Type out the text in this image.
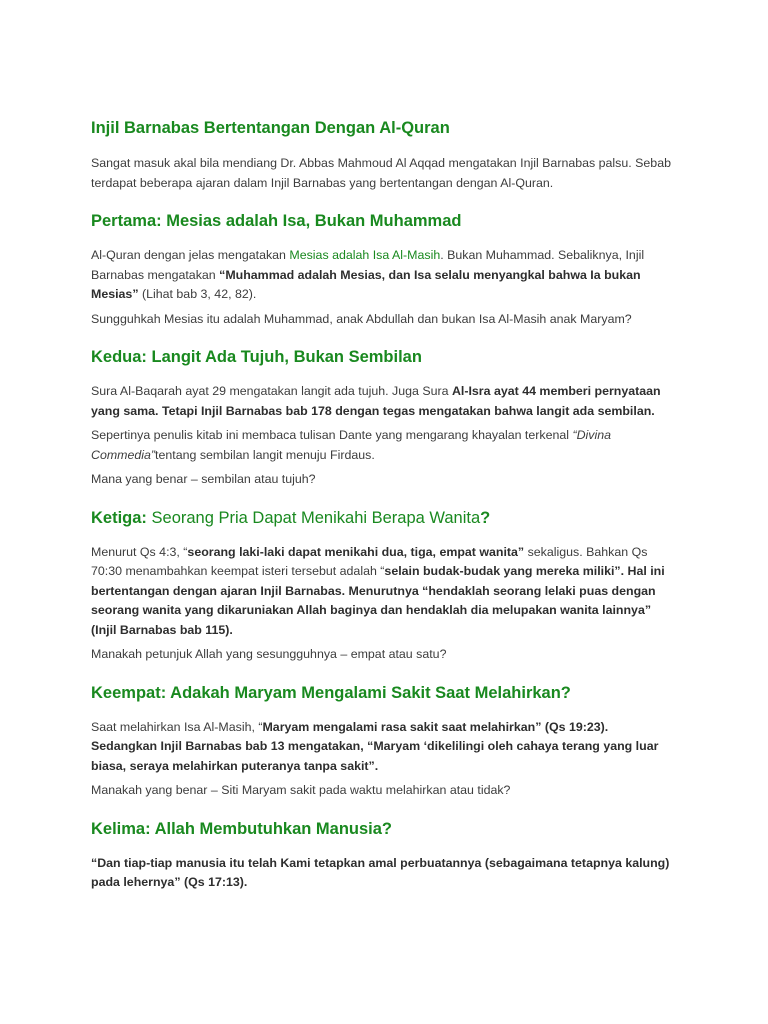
Injil Barnabas Bertentangan Dengan Al-Quran

Sangat masuk akal bila mendiang Dr. Abbas Mahmoud Al Aqqad mengatakan Injil Barnabas palsu. Sebab terdapat beberapa ajaran dalam Injil Barnabas yang bertentangan dengan Al-Quran.

Pertama: Mesias adalah Isa, Bukan Muhammad

Al-Quran dengan jelas mengatakan Mesias adalah Isa Al-Masih. Bukan Muhammad. Sebaliknya, Injil Barnabas mengatakan “Muhammad adalah Mesias, dan Isa selalu menyangkal bahwa Ia bukan Mesias” (Lihat bab 3, 42, 82).

Sungguhkah Mesias itu adalah Muhammad, anak Abdullah dan bukan Isa Al-Masih anak Maryam?

Kedua: Langit Ada Tujuh, Bukan Sembilan

Sura Al-Baqarah ayat 29 mengatakan langit ada tujuh. Juga Sura Al-Isra ayat 44 memberi pernyataan yang sama. Tetapi Injil Barnabas bab 178 dengan tegas mengatakan bahwa langit ada sembilan.

Sepertinya penulis kitab ini membaca tulisan Dante yang mengarang khayalan terkenal “Divina Commedia”tentang sembilan langit menuju Firdaus.

Mana yang benar – sembilan atau tujuh?

Ketiga: Seorang Pria Dapat Menikahi Berapa Wanita?

Menurut Qs 4:3, “seorang laki-laki dapat menikahi dua, tiga, empat wanita” sekaligus. Bahkan Qs 70:30 menambahkan keempat isteri tersebut adalah “selain budak-budak yang mereka miliki”. Hal ini bertentangan dengan ajaran Injil Barnabas. Menurutnya “hendaklah seorang lelaki puas dengan seorang wanita yang dikaruniakan Allah baginya dan hendaklah dia melupakan wanita lainnya” (Injil Barnabas bab 115).

Manakah petunjuk Allah yang sesungguhnya – empat atau satu?

Keempat: Adakah Maryam Mengalami Sakit Saat Melahirkan?

Saat melahirkan Isa Al-Masih, “Maryam mengalami rasa sakit saat melahirkan” (Qs 19:23). Sedangkan Injil Barnabas bab 13 mengatakan, “Maryam ‘dikelilingi oleh cahaya terang yang luar biasa, seraya melahirkan puteranya tanpa sakit”.

Manakah yang benar – Siti Maryam sakit pada waktu melahirkan atau tidak?

Kelima: Allah Membutuhkan Manusia?

“Dan tiap-tiap manusia itu telah Kami tetapkan amal perbuatannya (sebagaimana tetapnya kalung) pada lehernya” (Qs 17:13).
